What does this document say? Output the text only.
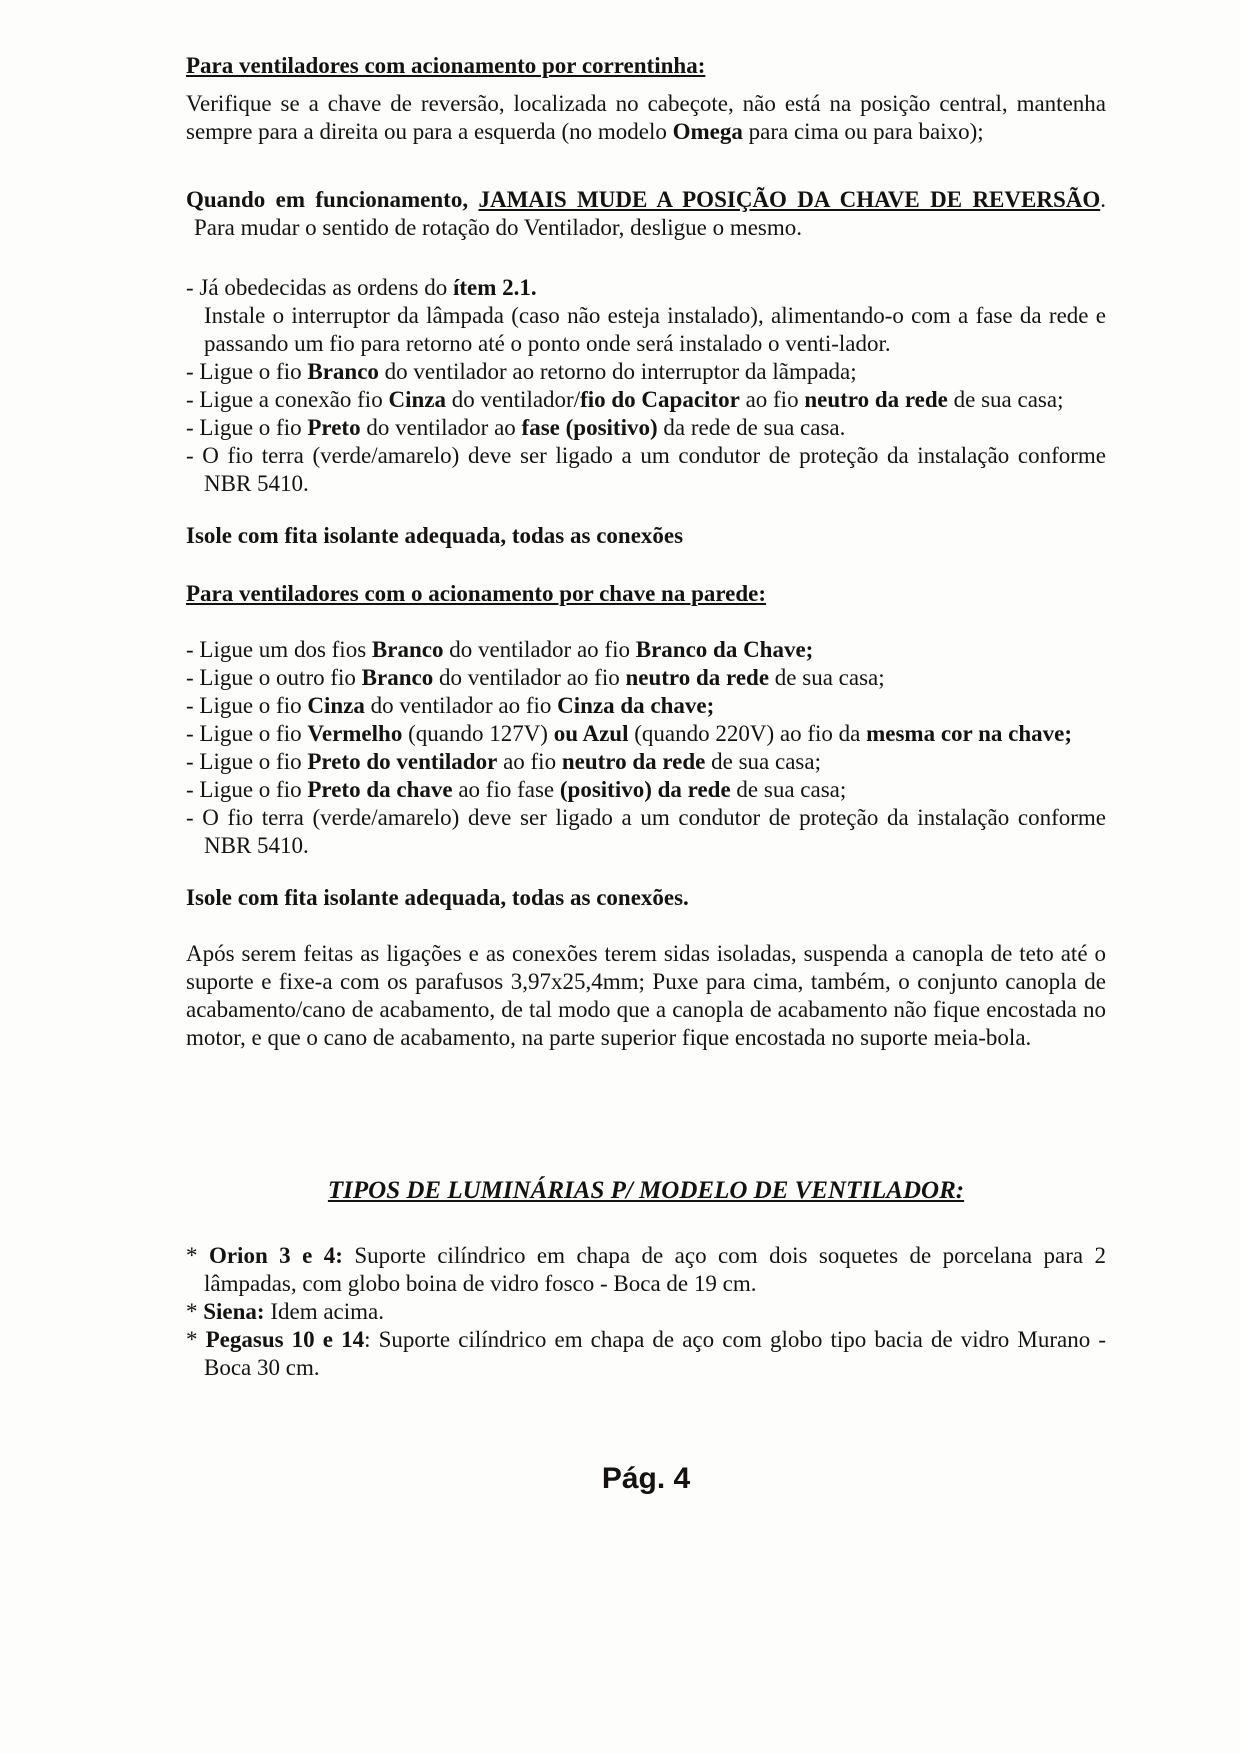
Para ventiladores com acionamento por correntinha:
Verifique se a chave de reversão, localizada no cabeçote, não está na posição central, mantenha sempre para a direita ou para a esquerda (no modelo Omega para cima ou para baixo);
Quando em funcionamento, JAMAIS MUDE A POSIÇÃO DA CHAVE DE REVERSÃO. Para mudar o sentido de rotação do Ventilador, desligue o mesmo.
- Já obedecidas as ordens do ítem 2.1.
Instale o interruptor da lâmpada (caso não esteja instalado), alimentando-o com a fase da rede e passando um fio para retorno até o ponto onde será instalado o venti-lador.
- Ligue o fio Branco do ventilador ao retorno do interruptor da lãmpada;
- Ligue a conexão fio Cinza do ventilador/fio do Capacitor ao fio neutro da rede de sua casa;
- Ligue o fio Preto do ventilador ao fase (positivo) da rede de sua casa.
- O fio terra (verde/amarelo) deve ser ligado a um condutor de proteção da instalação conforme NBR 5410.
Isole com fita isolante adequada, todas as conexões
Para ventiladores com o acionamento por chave na parede:
- Ligue um dos fios Branco do ventilador ao fio Branco da Chave;
- Ligue o outro fio Branco do ventilador ao fio neutro da rede de sua casa;
- Ligue o fio Cinza do ventilador ao fio Cinza da chave;
- Ligue o fio Vermelho (quando 127V) ou Azul (quando 220V) ao fio da mesma cor na chave;
- Ligue o fio Preto do ventilador ao fio neutro da rede de sua casa;
- Ligue o fio Preto da chave ao fio fase (positivo) da rede de sua casa;
- O fio terra (verde/amarelo) deve ser ligado a um condutor de proteção da instalação conforme NBR 5410.
Isole com fita isolante adequada, todas as conexões.
Após serem feitas as ligações e as conexões terem sidas isoladas, suspenda a canopla de teto até o suporte e fixe-a com os parafusos 3,97x25,4mm; Puxe para cima, também, o conjunto canopla de acabamento/cano de acabamento, de tal modo que a canopla de acabamento não fique encostada no motor, e que o cano de acabamento, na parte superior fique encostada no suporte meia-bola.
TIPOS DE LUMINÁRIAS P/ MODELO DE VENTILADOR:
* Orion 3 e 4: Suporte cilíndrico em chapa de aço com dois soquetes de porcelana para 2 lâmpadas, com globo boina de vidro fosco - Boca de 19 cm.
* Siena: Idem acima.
* Pegasus 10 e 14: Suporte cilíndrico em chapa de aço com globo tipo bacia de vidro Murano - Boca 30 cm.
Pág. 4
